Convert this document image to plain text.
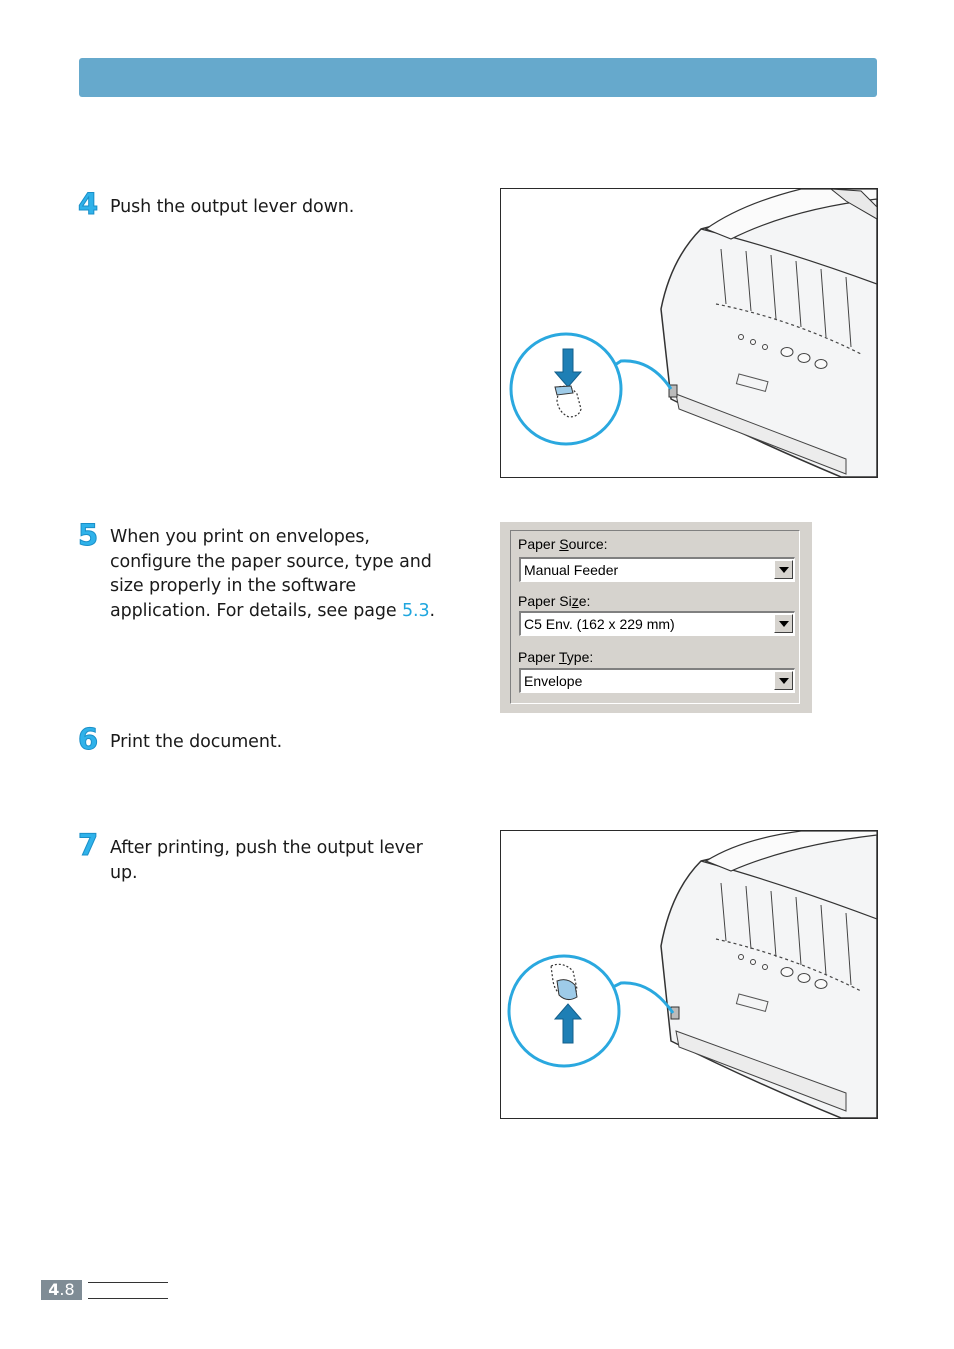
4 Push the output lever down.
5 When you print on envelopes, configure the paper source, type and size properly in the software application. For details, see page 5.3.
Paper Source:
Manual Feeder
Paper Size:
C5 Env. (162 x 229 mm)
Paper Type:
Envelope
6 Print the document.
7 After printing, push the output lever up.
4.8
